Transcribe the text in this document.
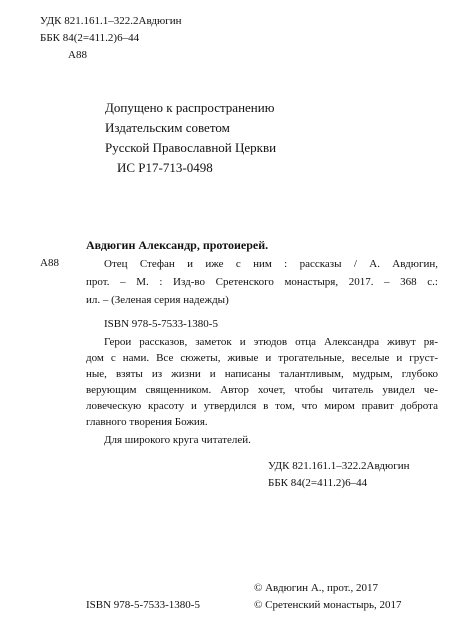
УДК 821.161.1–322.2Авдюгин
ББК 84(2=411.2)6–44
А88
Допущено к распространению
Издательским советом
Русской Православной Церкви
ИС Р17-713-0498
Авдюгин Александр, протоиерей.
А88	Отец Стефан и иже с ним : рассказы / А. Авдюгин,
прот. – М. : Изд-во Сретенского монастыря, 2017. – 368 с.:
ил. – (Зеленая серия надежды)
ISBN 978-5-7533-1380-5
Герои рассказов, заметок и этюдов отца Александра живут ря-
дом с нами. Все сюжеты, живые и трогательные, веселые и груст-
ные, взяты из жизни и написаны талантливым, мудрым, глубоко
верующим священником. Автор хочет, чтобы читатель увидел че-
ловеческую красоту и утвердился в том, что миром правит доброта
главного творения Божия.
Для широкого круга читателей.
УДК 821.161.1–322.2Авдюгин
ББК 84(2=411.2)6–44
© Авдюгин А., прот., 2017
ISBN 978-5-7533-1380-5	© Сретенский монастырь, 2017
